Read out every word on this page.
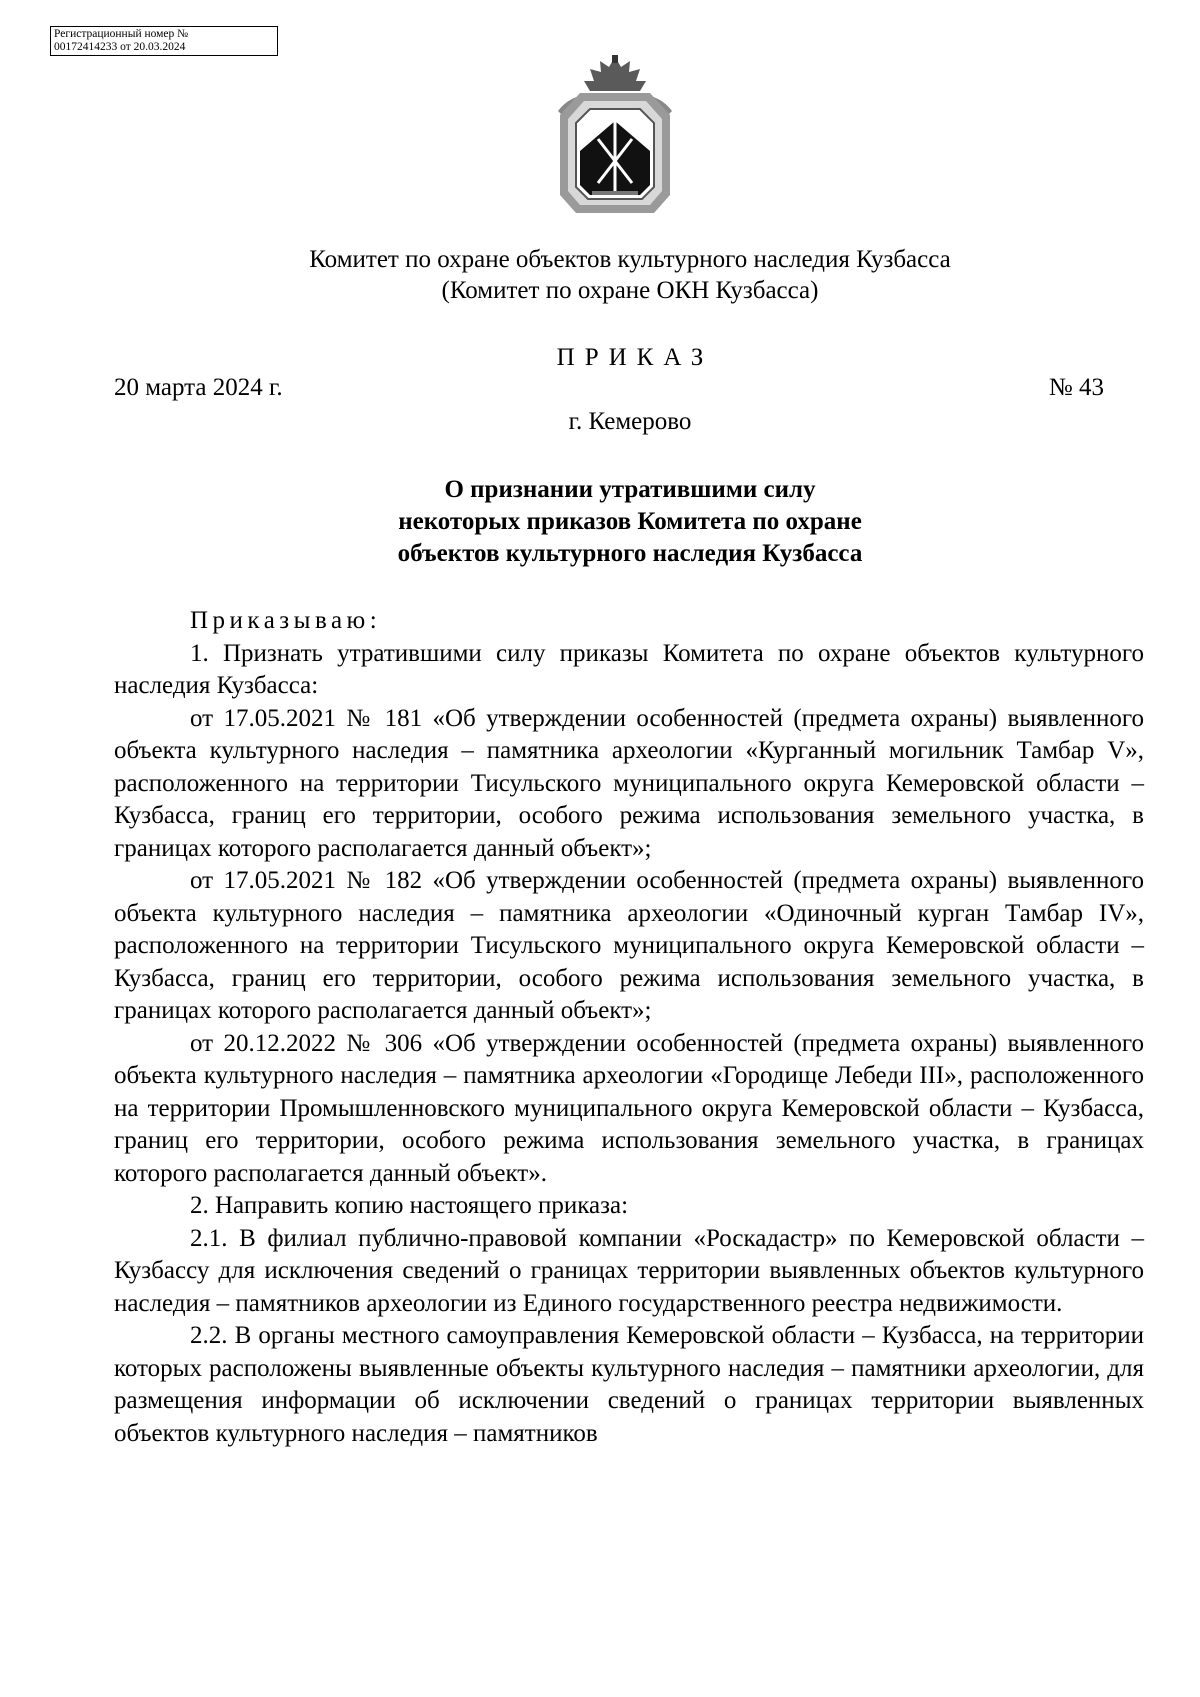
Регистрационный номер №
00172414233 от 20.03.2024
Комитет по охране объектов культурного наследия Кузбасса
(Комитет по охране ОКН Кузбасса)
ПРИКАЗ
20 марта 2024 г.	№ 43
г. Кемерово
О признании утратившими силу
некоторых приказов Комитета по охране
объектов культурного наследия Кузбасса

Приказываю:

1. Признать утратившими силу приказы Комитета по охране объектов культурного наследия Кузбасса:

от 17.05.2021 № 181 «Об утверждении особенностей (предмета охраны) выявленного объекта культурного наследия – памятника археологии «Курганный могильник Тамбар V», расположенного на территории Тисульского муниципального округа Кемеровской области – Кузбасса, границ его территории, особого режима использования земельного участка, в границах которого располагается данный объект»;

от 17.05.2021 № 182 «Об утверждении особенностей (предмета охраны) выявленного объекта культурного наследия – памятника археологии «Одиночный курган Тамбар IV», расположенного на территории Тисульского муниципального округа Кемеровской области – Кузбасса, границ его территории, особого режима использования земельного участка, в границах которого располагается данный объект»;

от 20.12.2022 № 306 «Об утверждении особенностей (предмета охраны) выявленного объекта культурного наследия – памятника археологии «Городище Лебеди III», расположенного на территории Промышленновского муниципального округа Кемеровской области – Кузбасса, границ его территории, особого режима использования земельного участка, в границах которого располагается данный объект».

2. Направить копию настоящего приказа:

2.1. В филиал публично-правовой компании «Роскадастр» по Кемеровской области – Кузбассу для исключения сведений о границах территории выявленных объектов культурного наследия – памятников археологии из Единого государственного реестра недвижимости.

2.2. В органы местного самоуправления Кемеровской области – Кузбасса, на территории которых расположены выявленные объекты культурного наследия – памятники археологии, для размещения информации об исключении сведений о границах территории выявленных объектов культурного наследия – памятников
